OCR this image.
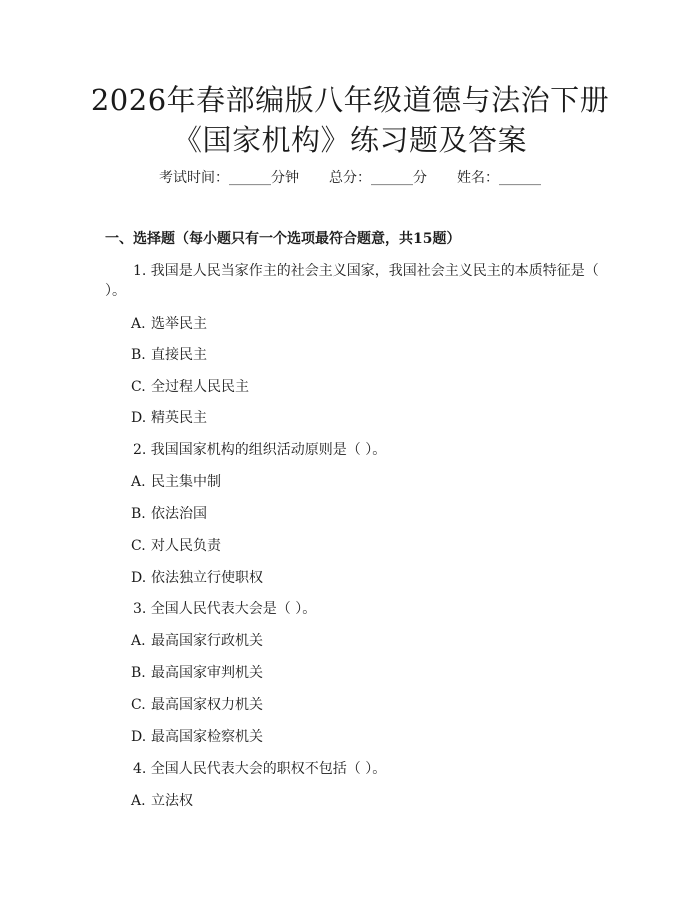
2026年春部编版八年级道德与法治下册《国家机构》练习题及答案
考试时间：______分钟 总分：______分 姓名：______
一、选择题（每小题只有一个选项最符合题意，共15题）

1. 我国是人民当家作主的社会主义国家，我国社会主义民主的本质特征是（ ）。

A. 选举民主

B. 直接民主

C. 全过程人民民主

D. 精英民主

2. 我国国家机构的组织活动原则是（ ）。

A. 民主集中制

B. 依法治国

C. 对人民负责

D. 依法独立行使职权

3. 全国人民代表大会是（ ）。

A. 最高国家行政机关

B. 最高国家审判机关

C. 最高国家权力机关

D. 最高国家检察机关

4. 全国人民代表大会的职权不包括（ ）。

A. 立法权
